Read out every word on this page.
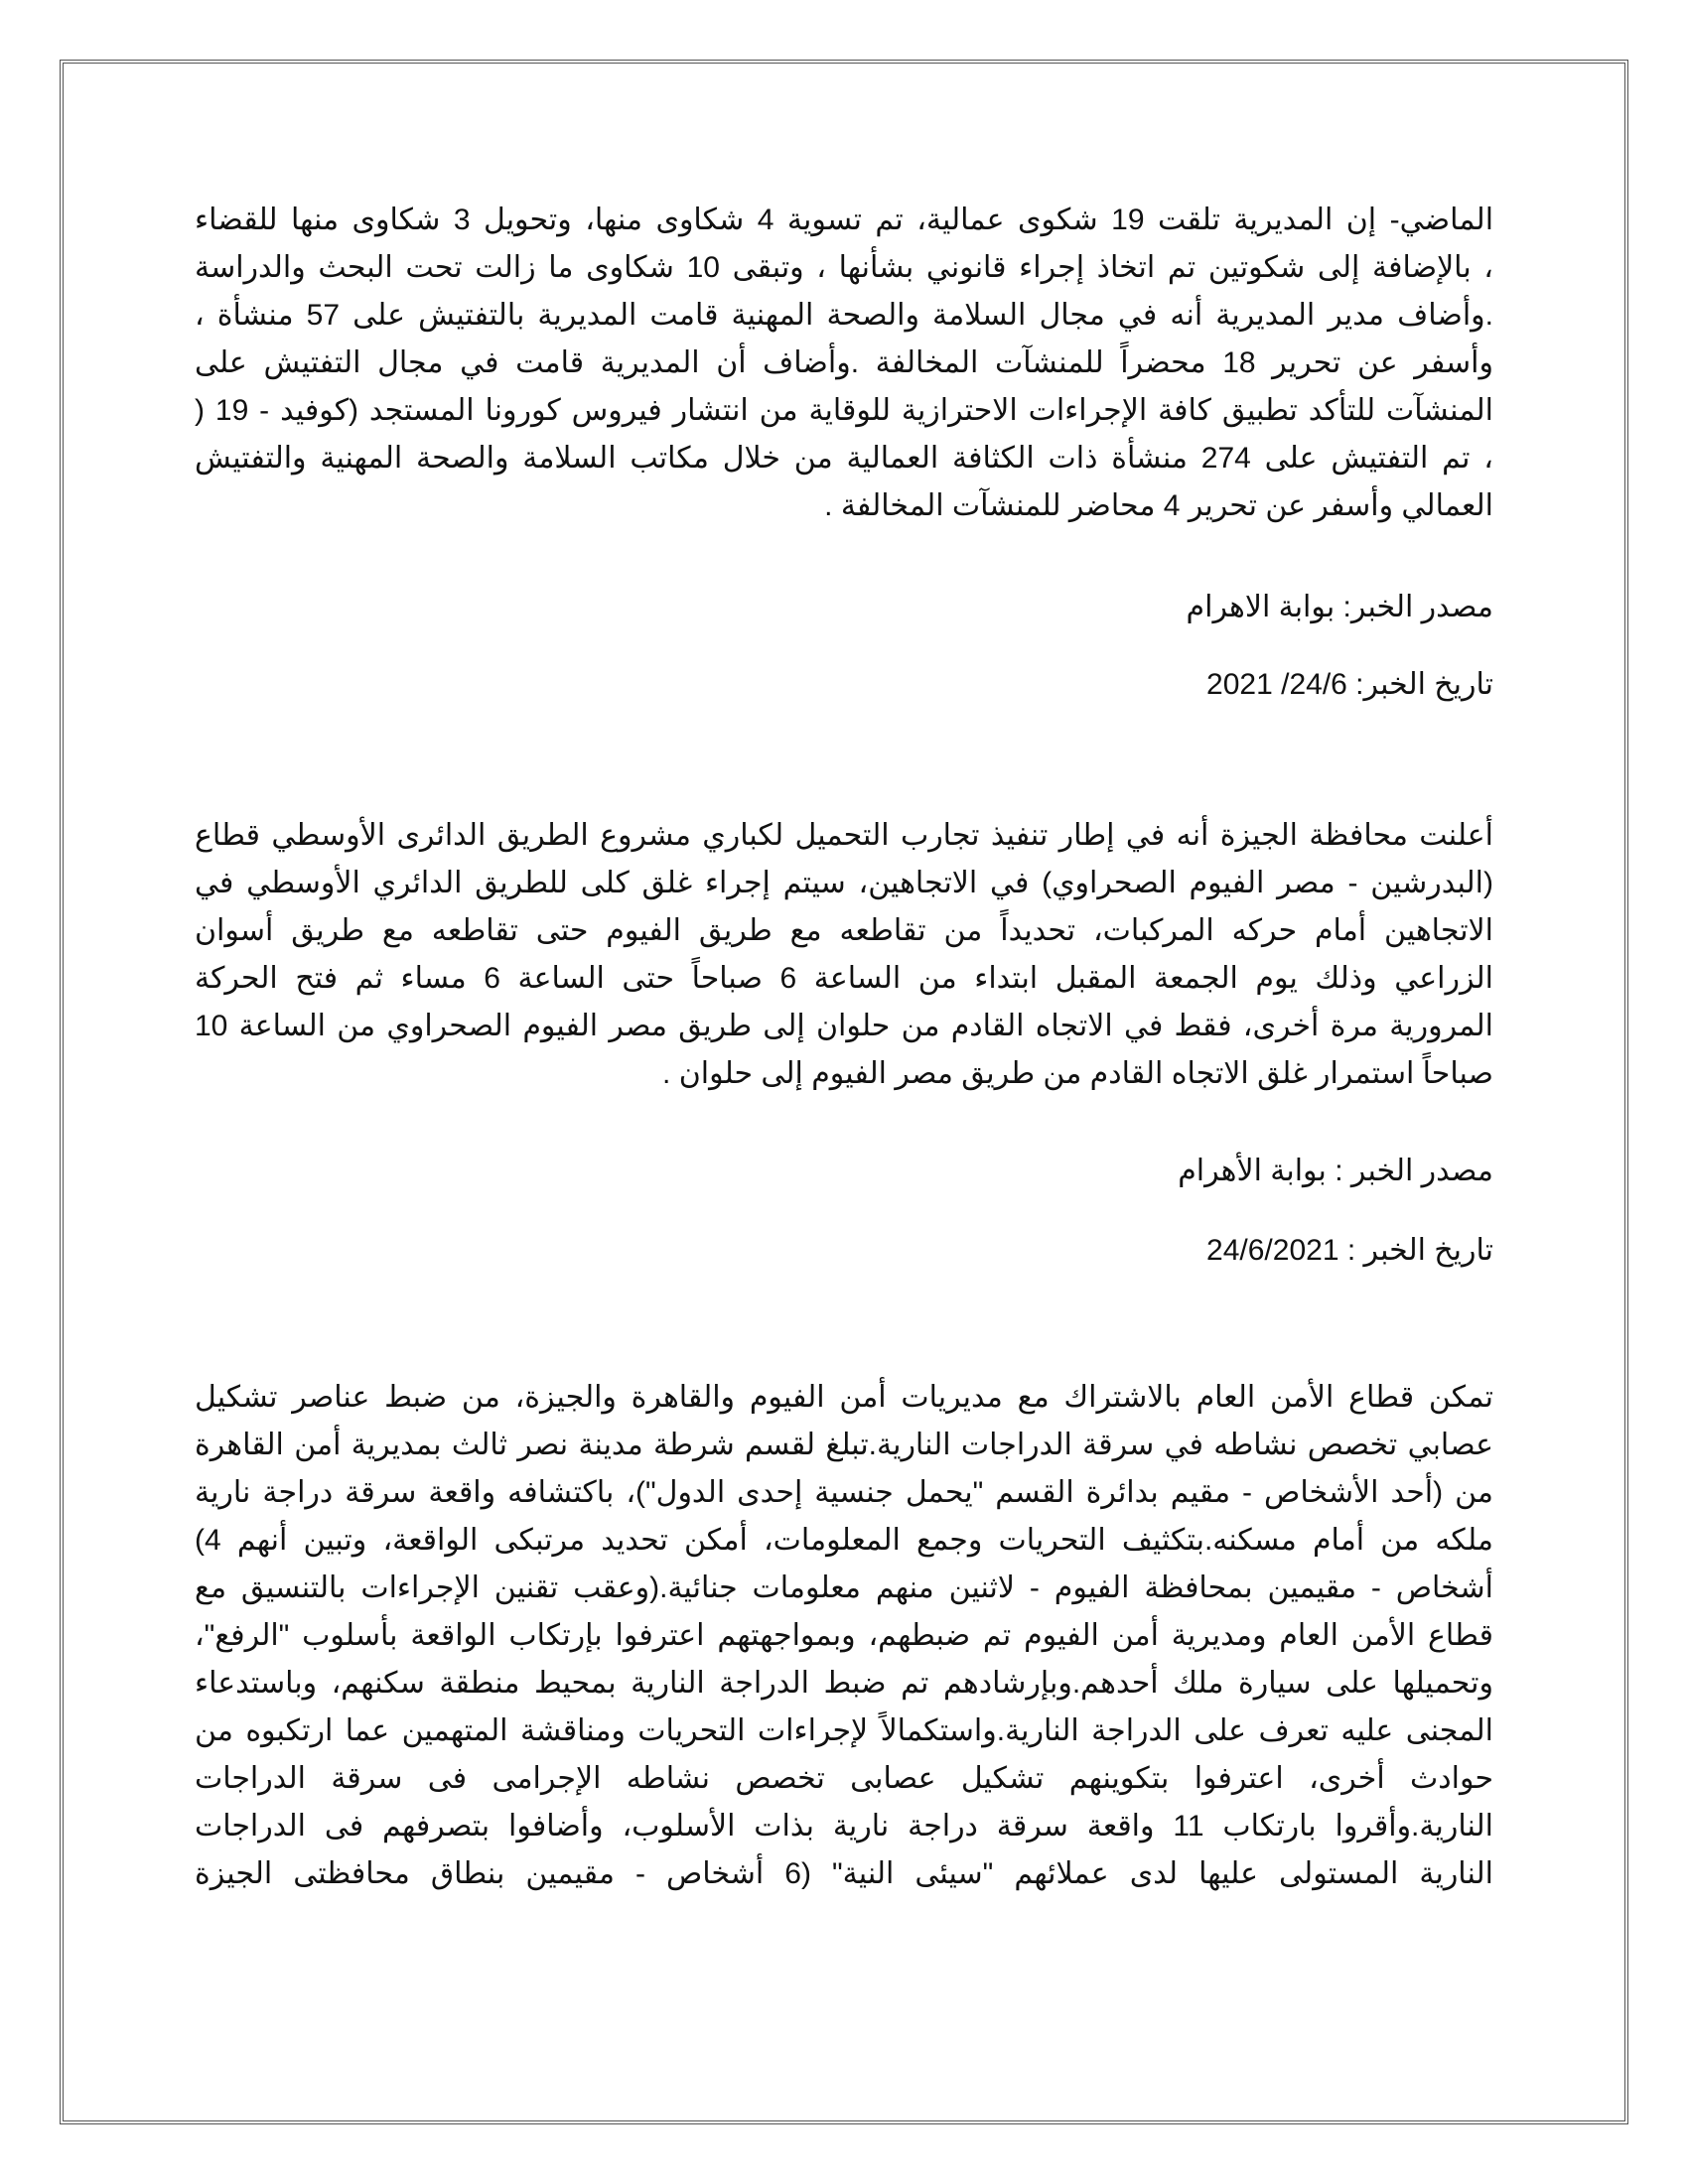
الماضي- إن المديرية تلقت 19 شكوى عمالية، تم تسوية 4 شكاوى منها، وتحويل 3 شكاوى منها للقضاء
، بالإضافة إلى شكوتين تم اتخاذ إجراء قانوني بشأنها ، وتبقى 10 شكاوى ما زالت تحت البحث والدراسة
.وأضاف مدير المديرية أنه في مجال السلامة والصحة المهنية قامت المديرية بالتفتيش على 57 منشأة ،
وأسفر عن تحرير 18 محضراً للمنشآت المخالفة .وأضاف أن المديرية قامت في مجال التفتيش على
المنشآت للتأكد تطبيق كافة الإجراءات الاحترازية للوقاية من انتشار فيروس كورونا المستجد (كوفيد - 19 (
، تم التفتيش على 274 منشأة ذات الكثافة العمالية من خلال مكاتب السلامة والصحة المهنية والتفتيش
العمالي وأسفر عن تحرير 4 محاضر للمنشآت المخالفة .

مصدر الخبر: بوابة الاهرام
تاريخ الخبر: 24/6/ 2021

أعلنت محافظة الجيزة أنه في إطار تنفيذ تجارب التحميل لكباري مشروع الطريق الدائرى الأوسطي قطاع
(البدرشين - مصر الفيوم الصحراوي) في الاتجاهين، سيتم إجراء غلق كلى للطريق الدائري الأوسطي في
الاتجاهين أمام حركه المركبات، تحديداً من تقاطعه مع طريق الفيوم حتى تقاطعه مع طريق أسوان
الزراعي وذلك يوم الجمعة المقبل ابتداء من الساعة 6 صباحاً حتى الساعة 6 مساء ثم فتح الحركة
المرورية مرة أخرى، فقط في الاتجاه القادم من حلوان إلى طريق مصر الفيوم الصحراوي من الساعة 10
صباحاً استمرار غلق الاتجاه القادم من طريق مصر الفيوم إلى حلوان .

مصدر الخبر : بوابة الأهرام
تاريخ الخبر : 24/6/2021

تمكن قطاع الأمن العام بالاشتراك مع مديريات أمن الفيوم والقاهرة والجيزة، من ضبط عناصر تشكيل
عصابي تخصص نشاطه في سرقة الدراجات النارية.تبلغ لقسم شرطة مدينة نصر ثالث بمديرية أمن القاهرة
من (أحد الأشخاص - مقيم بدائرة القسم "يحمل جنسية إحدى الدول")، باكتشافه واقعة سرقة دراجة نارية
ملكه من أمام مسكنه.بتكثيف التحريات وجمع المعلومات، أمكن تحديد مرتبكى الواقعة، وتبين أنهم 4)
أشخاص - مقيمين بمحافظة الفيوم - لاثنين منهم معلومات جنائية.(وعقب تقنين الإجراءات بالتنسيق مع
قطاع الأمن العام ومديرية أمن الفيوم تم ضبطهم، وبمواجهتهم اعترفوا بإرتكاب الواقعة بأسلوب "الرفع"،
وتحميلها على سيارة ملك أحدهم.وبإرشادهم تم ضبط الدراجة النارية بمحيط منطقة سكنهم، وباستدعاء
المجنى عليه تعرف على الدراجة النارية.واستكمالاً لإجراءات التحريات ومناقشة المتهمين عما ارتكبوه من
حوادث أخرى، اعترفوا بتكوينهم تشكيل عصابى تخصص نشاطه الإجرامى فى سرقة الدراجات
النارية.وأقروا بارتكاب 11 واقعة سرقة دراجة نارية بذات الأسلوب، وأضافوا بتصرفهم فى الدراجات
النارية المستولى عليها لدى عملائهم "سيئى النية" (6 أشخاص - مقيمين بنطاق محافظتى الجيزة
